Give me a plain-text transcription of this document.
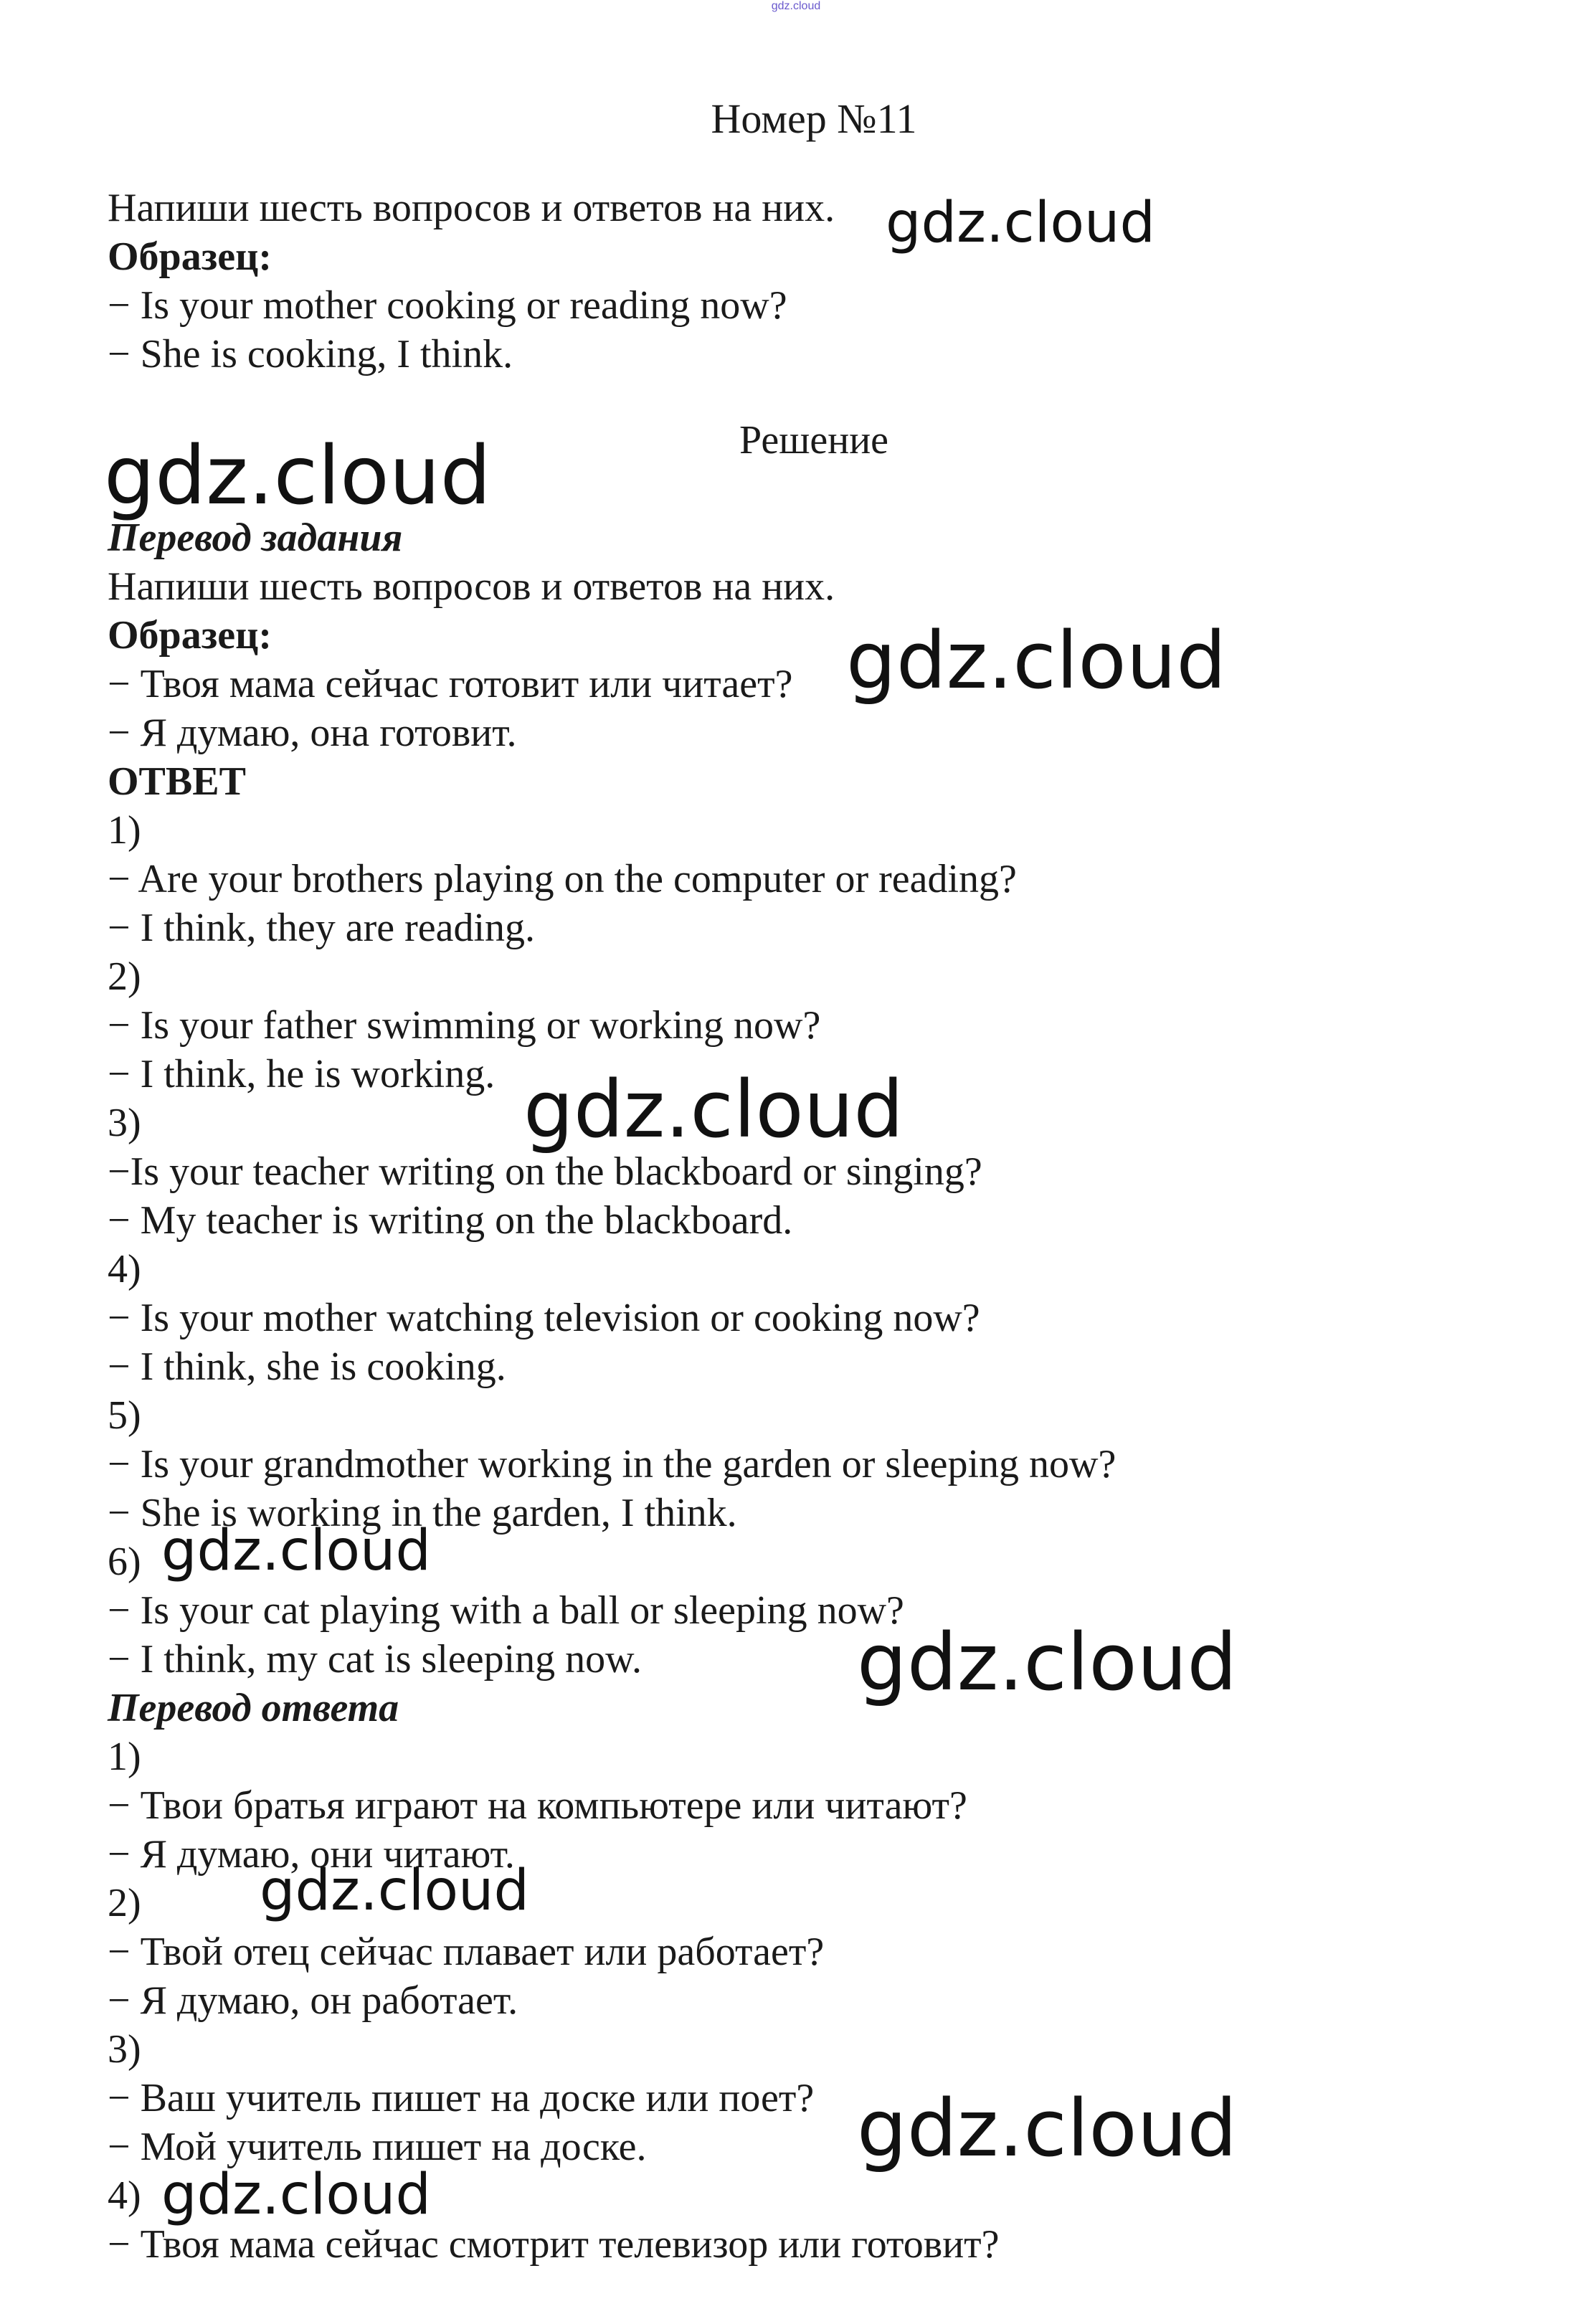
gdz.cloud
Номер №11
Напиши шесть вопросов и ответов на них.
Образец:
− Is your mother cooking or reading now?
− She is cooking, I think.
Решение
Перевод задания
Напиши шесть вопросов и ответов на них.
Образец:
− Твоя мама сейчас готовит или читает?
− Я думаю, она готовит.
ОТВЕТ
1)
− Are your brothers playing on the computer or reading?
− I think, they are reading.
2)
− Is your father swimming or working now?
− I think, he is working.
3)
−Is your teacher writing on the blackboard or singing?
− My teacher is writing on the blackboard.
4)
− Is your mother watching television or cooking now?
− I think, she is cooking.
5)
− Is your grandmother working in the garden or sleeping now?
− She is working in the garden, I think.
6)
− Is your cat playing with a ball or sleeping now?
− I think, my cat is sleeping now.
Перевод ответа
1)
− Твои братья играют на компьютере или читают?
− Я думаю, они читают.
2)
− Твой отец сейчас плавает или работает?
− Я думаю, он работает.
3)
− Ваш учитель пишет на доске или поет?
− Мой учитель пишет на доске.
4)
− Твоя мама сейчас смотрит телевизор или готовит?
gdz.cloud
gdz.cloud
gdz.cloud
gdz.cloud
gdz.cloud
gdz.cloud
gdz.cloud
gdz.cloud
gdz.cloud
